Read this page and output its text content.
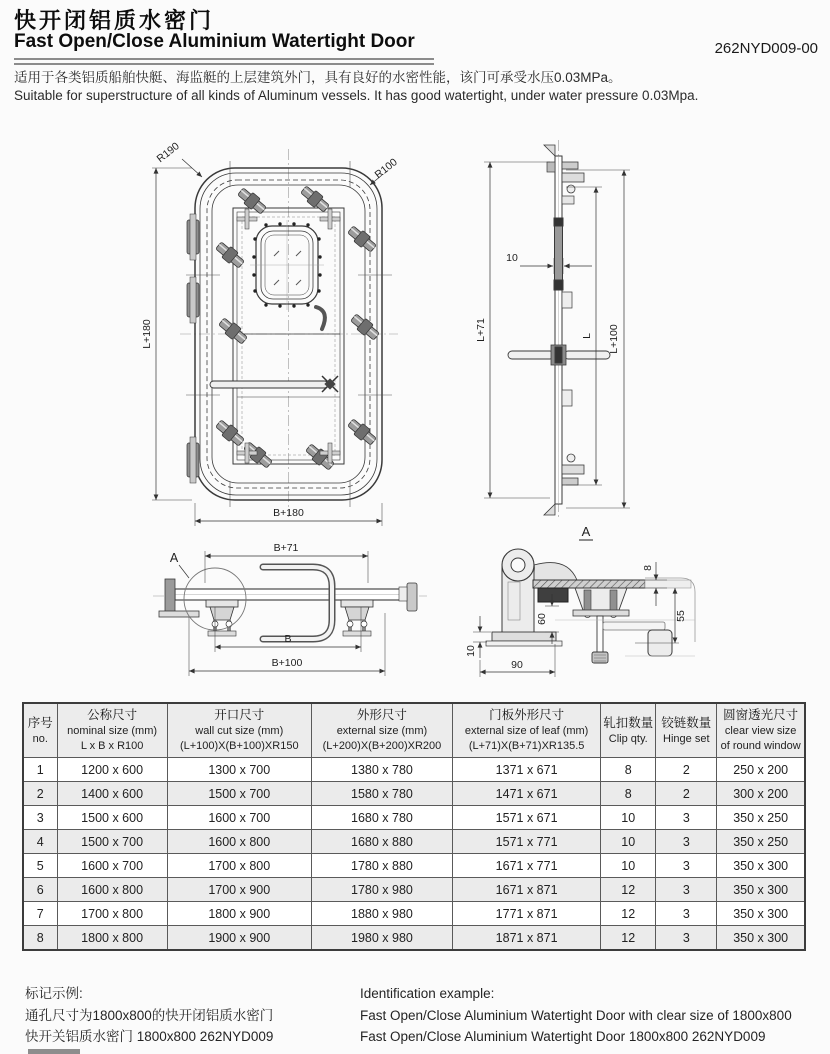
快开闭铝质水密门
Fast Open/Close Aluminium Watertight Door	262NYD009-00
适用于各类铝质船舶快艇、海监艇的上层建筑外门，具有良好的水密性能，该门可承受水压0.03MPa。
Suitable for superstructure of all kinds of Aluminum vessels. It has good watertight, under water pressure 0.03Mpa.
L+180
B+180
R190
R100
L+71	L L+100
10
A
B+71
B
B+100
A
8
55
60
10
90
序号
no.

公称尺寸
nominal size (mm)
L x B x R100

开口尺寸
wall cut size (mm)
(L+100)X(B+100)XR150

外形尺寸
external size (mm)
(L+200)X(B+200)XR200

门板外形尺寸
external size of leaf (mm)
(L+71)X(B+71)XR135.5

轧扣数量
Clip qty.

铰链数量
Hinge set

圆窗透光尺寸
clear view size
of round window

1	1200 x 600	1300 x 700	1380 x 780	1371 x 671	8	2	250 x 200
2	1400 x 600	1500 x 700	1580 x 780	1471 x 671	8	2	300 x 200
3	1500 x 600	1600 x 700	1680 x 780	1571 x 671	10	3	350 x 250
4	1500 x 700	1600 x 800	1680 x 880	1571 x 771	10	3	350 x 250
5	1600 x 700	1700 x 800	1780 x 880	1671 x 771	10	3	350 x 300
6	1600 x 800	1700 x 900	1780 x 980	1671 x 871	12	3	350 x 300
7	1700 x 800	1800 x 900	1880 x 980	1771 x 871	12	3	350 x 300
8	1800 x 800	1900 x 900	1980 x 980	1871 x 871	12	3	350 x 300
标记示例:
通孔尺寸为1800x800的快开闭铝质水密门
快开关铝质水密门 1800x800 262NYD009
Identification example:
Fast Open/Close Aluminium Watertight Door with clear size of 1800x800
Fast Open/Close Aluminium Watertight Door 1800x800 262NYD009
